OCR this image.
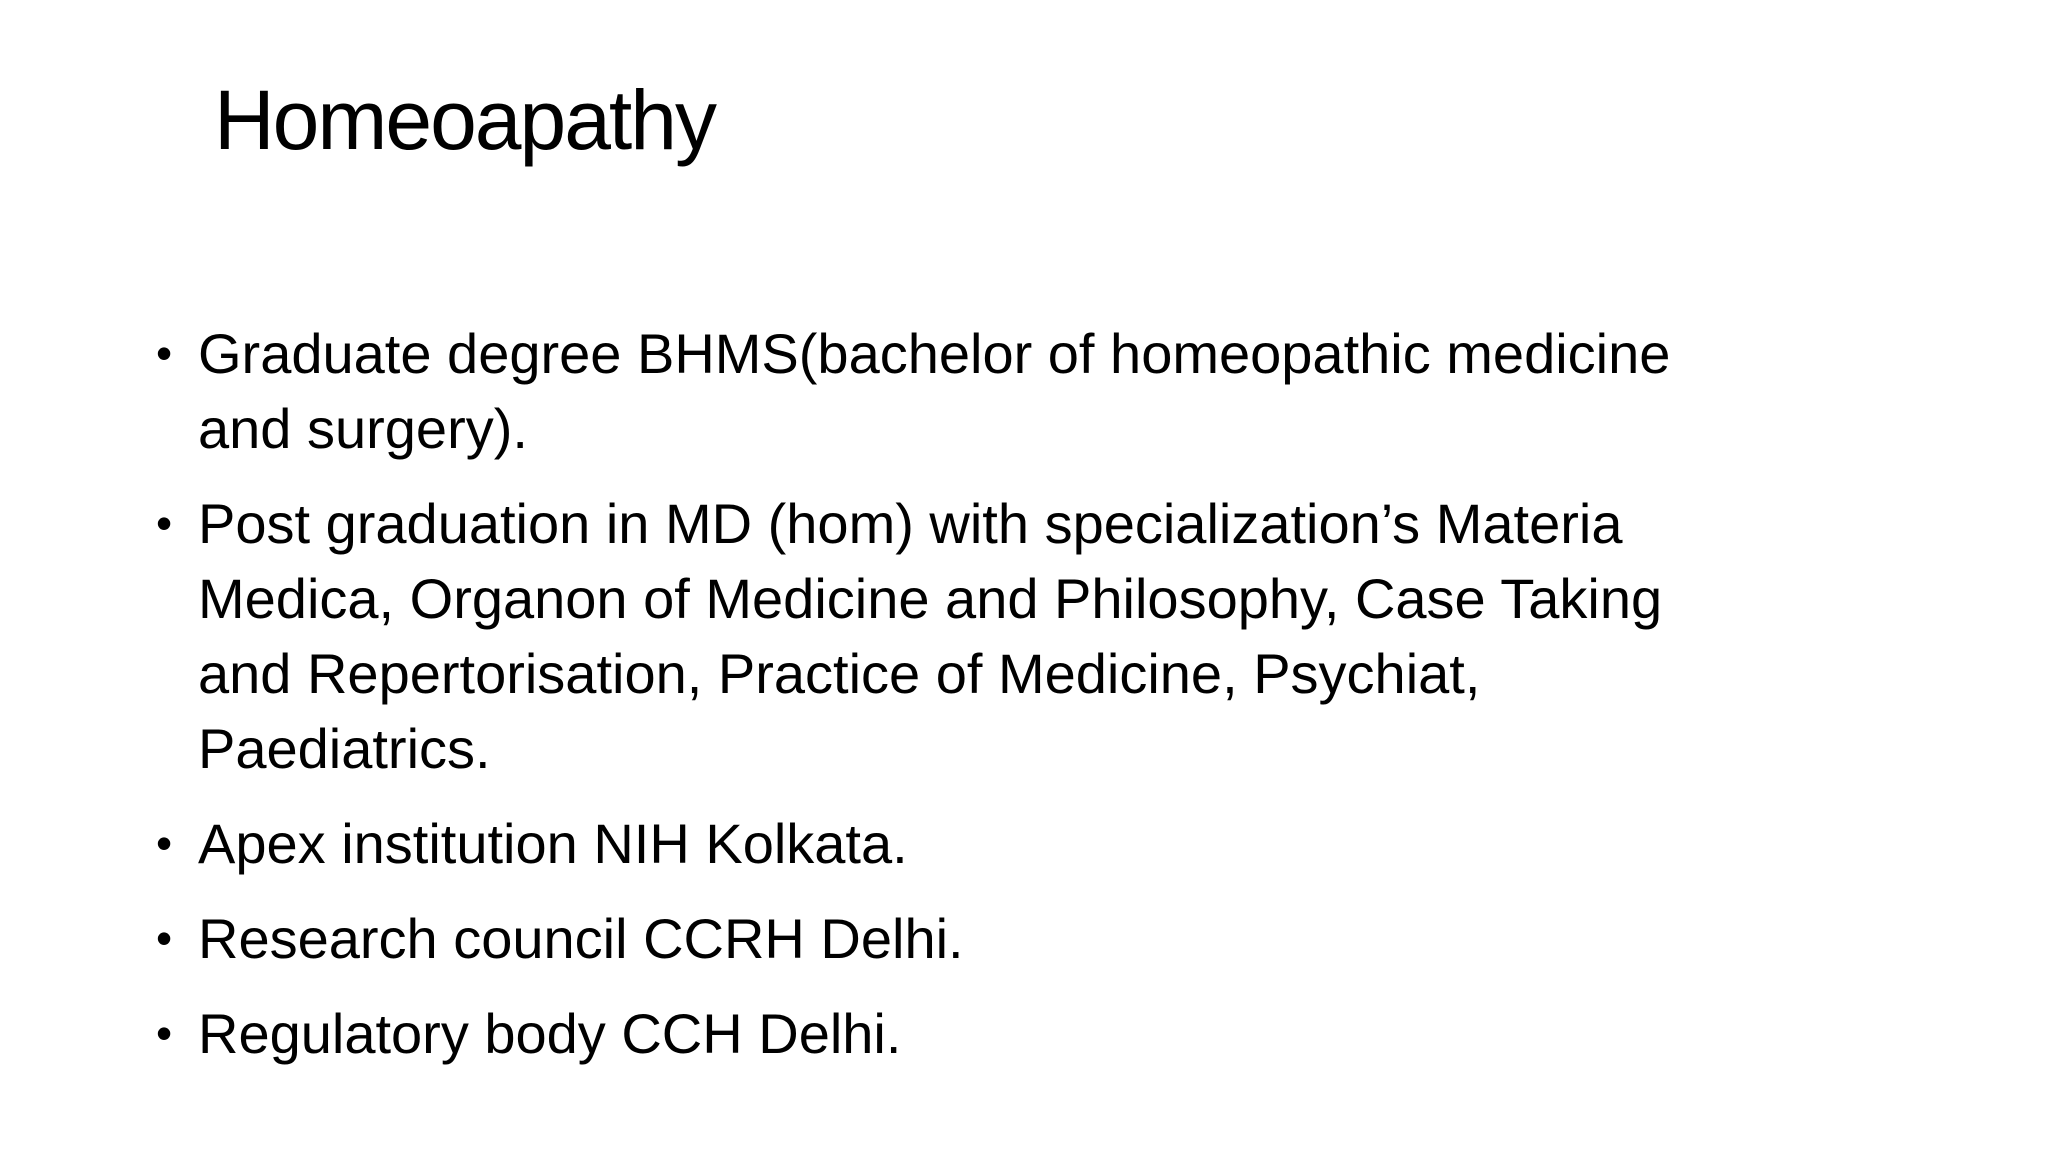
Homeoapathy
• Graduate degree BHMS(bachelor of homeopathic medicine
and surgery).
• Post graduation in MD (hom) with specialization’s Materia
Medica, Organon of Medicine and Philosophy, Case Taking
and Repertorisation, Practice of Medicine, Psychiat,
Paediatrics.
• Apex institution NIH Kolkata.
• Research council CCRH Delhi.
• Regulatory body CCH Delhi.
